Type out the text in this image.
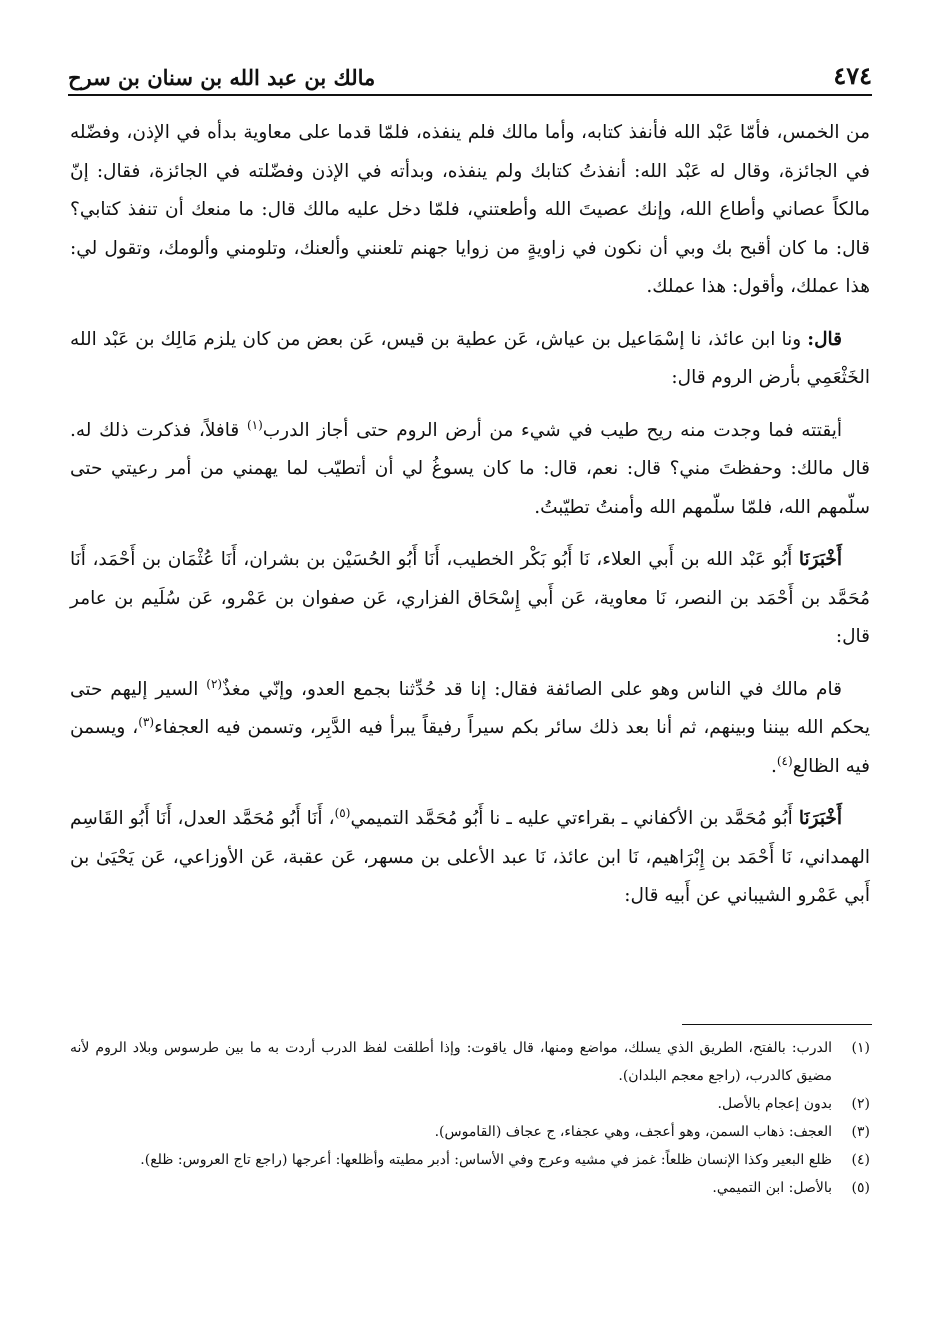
٤٧٤
مالك بن عبد الله بن سنان بن سرح

من الخمس، فأمّا عَبْد الله فأنفذ كتابه، وأما مالك فلم ينفذه، فلمّا قدما على معاوية بدأه في الإذن، وفضّله في الجائزة، وقال له عَبْد الله: أنفذتُ كتابك ولم ينفذه، وبدأته في الإذن وفضّلته في الجائزة، فقال: إنّ مالكاً عصاني وأطاع الله، وإنك عصيتَ الله وأطعتني، فلمّا دخل عليه مالك قال: ما منعك أن تنفذ كتابي؟ قال: ما كان أقبح بك وبي أن نكون في زاويةٍ من زوايا جهنم تلعنني وألعنك، وتلومني وألومك، وتقول لي: هذا عملك، وأقول: هذا عملك.

قال: ونا ابن عائذ، نا إسْمَاعيل بن عياش، عَن عطية بن قيس، عَن بعض من كان يلزم مَالِك بن عَبْد الله الخَثْعَمِي بأرض الروم قال:

أيقتته فما وجدت منه ريح طيب في شيء من أرض الروم حتى أجاز الدرب$^{(١)}$ قافلاً، فذكرت ذلك له. قال مالك: وحفظتَ مني؟ قال: نعم، قال: ما كان يسوغُ لي أن أتطيّب لما يهمني من أمر رعيتي حتى سلّمهم الله، فلمّا سلّمهم الله وأمنتُ تطيّبتُ.

أَخْبَرَنَا أَبُو عَبْد الله بن أَبي العلاء، نَا أَبُو بَكْر الخطيب، أَنَا أَبُو الحُسَيْن بن بشران، أَنَا عُثْمَان بن أَحْمَد، أَنَا مُحَمَّد بن أَحْمَد بن النصر، نَا معاوية، عَن أَبي إِسْحَاق الفزاري، عَن صفوان بن عَمْرو، عَن سُلَيم بن عامر قال:

قام مالك في الناس وهو على الصائفة فقال: إنا قد حُدِّثنا بجمع العدو، وإنّي مغذٌ$^{(٢)}$ السير إليهم حتى يحكم الله بيننا وبينهم، ثم أنا بعد ذلك سائر بكم سيراً رفيقاً يبرأ فيه الدَّبِر، وتسمن فيه العجفاء$^{(٣)}$، ويسمن فيه الظالع$^{(٤)}$.

أَخْبَرَنَا أَبُو مُحَمَّد بن الأكفاني ـ بقراءتي عليه ـ نا أَبُو مُحَمَّد التميمي$^{(٥)}$، أَنَا أَبُو مُحَمَّد العدل، أَنَا أَبُو القَاسِم الهمداني، نَا أَحْمَد بن إِبْرَاهيم، نَا ابن عائذ، نَا عبد الأعلى بن مسهر، عَن عقبة، عَن الأوزاعي، عَن يَحْيَىٰ بن أَبي عَمْرو الشيباني عن أَبيه قال:

(١)
الدرب: بالفتح، الطريق الذي يسلك، مواضع ومنها، قال ياقوت: وإذا أطلقت لفظ الدرب أردت به ما بين طرسوس وبلاد الروم لأنه مضيق كالدرب، (راجع معجم البلدان).
(٢)
بدون إعجام بالأصل.
(٣)
العجف: ذهاب السمن، وهو أعجف، وهي عجفاء، ج عجاف (القاموس).
(٤)
ظلع البعير وكذا الإنسان ظلعاً: غمز في مشيه وعرج وفي الأساس: أدبر مطيته وأظلعها: أعرجها (راجع تاج العروس: ظلع).
(٥)
بالأصل: ابن التميمي.
